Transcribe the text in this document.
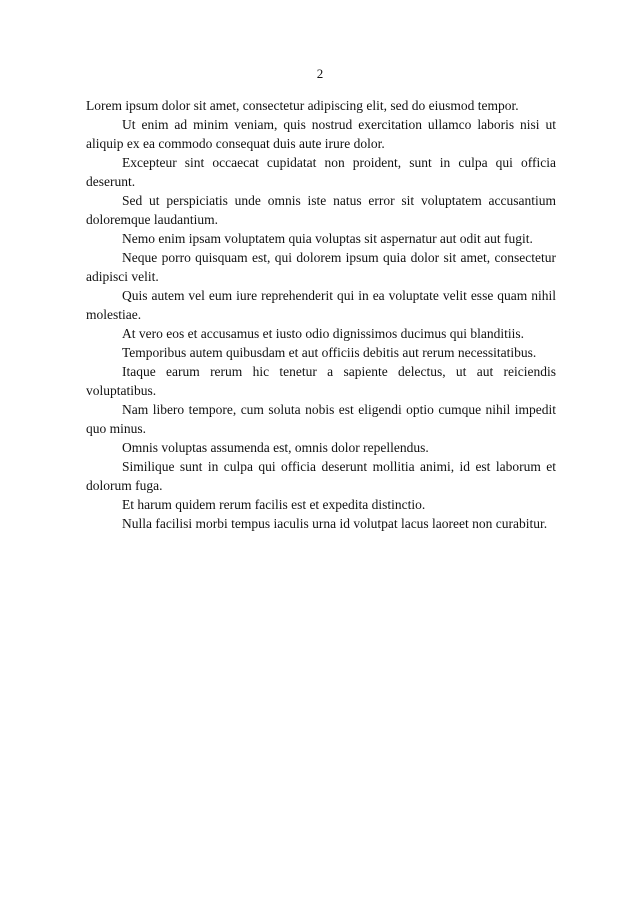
2

Lorem ipsum dolor sit amet, consectetur adipiscing elit, sed do eiusmod tempor.

Ut enim ad minim veniam, quis nostrud exercitation ullamco laboris nisi ut aliquip ex ea commodo consequat duis aute irure dolor.

Excepteur sint occaecat cupidatat non proident, sunt in culpa qui officia deserunt.

Sed ut perspiciatis unde omnis iste natus error sit voluptatem accusantium doloremque laudantium.

Nemo enim ipsam voluptatem quia voluptas sit aspernatur aut odit aut fugit.

Neque porro quisquam est, qui dolorem ipsum quia dolor sit amet, consectetur adipisci velit.

Quis autem vel eum iure reprehenderit qui in ea voluptate velit esse quam nihil molestiae.

At vero eos et accusamus et iusto odio dignissimos ducimus qui blanditiis.

Temporibus autem quibusdam et aut officiis debitis aut rerum necessitatibus.

Itaque earum rerum hic tenetur a sapiente delectus, ut aut reiciendis voluptatibus.

Nam libero tempore, cum soluta nobis est eligendi optio cumque nihil impedit quo minus.

Omnis voluptas assumenda est, omnis dolor repellendus.

Similique sunt in culpa qui officia deserunt mollitia animi, id est laborum et dolorum fuga.

Et harum quidem rerum facilis est et expedita distinctio.

Nulla facilisi morbi tempus iaculis urna id volutpat lacus laoreet non curabitur.
